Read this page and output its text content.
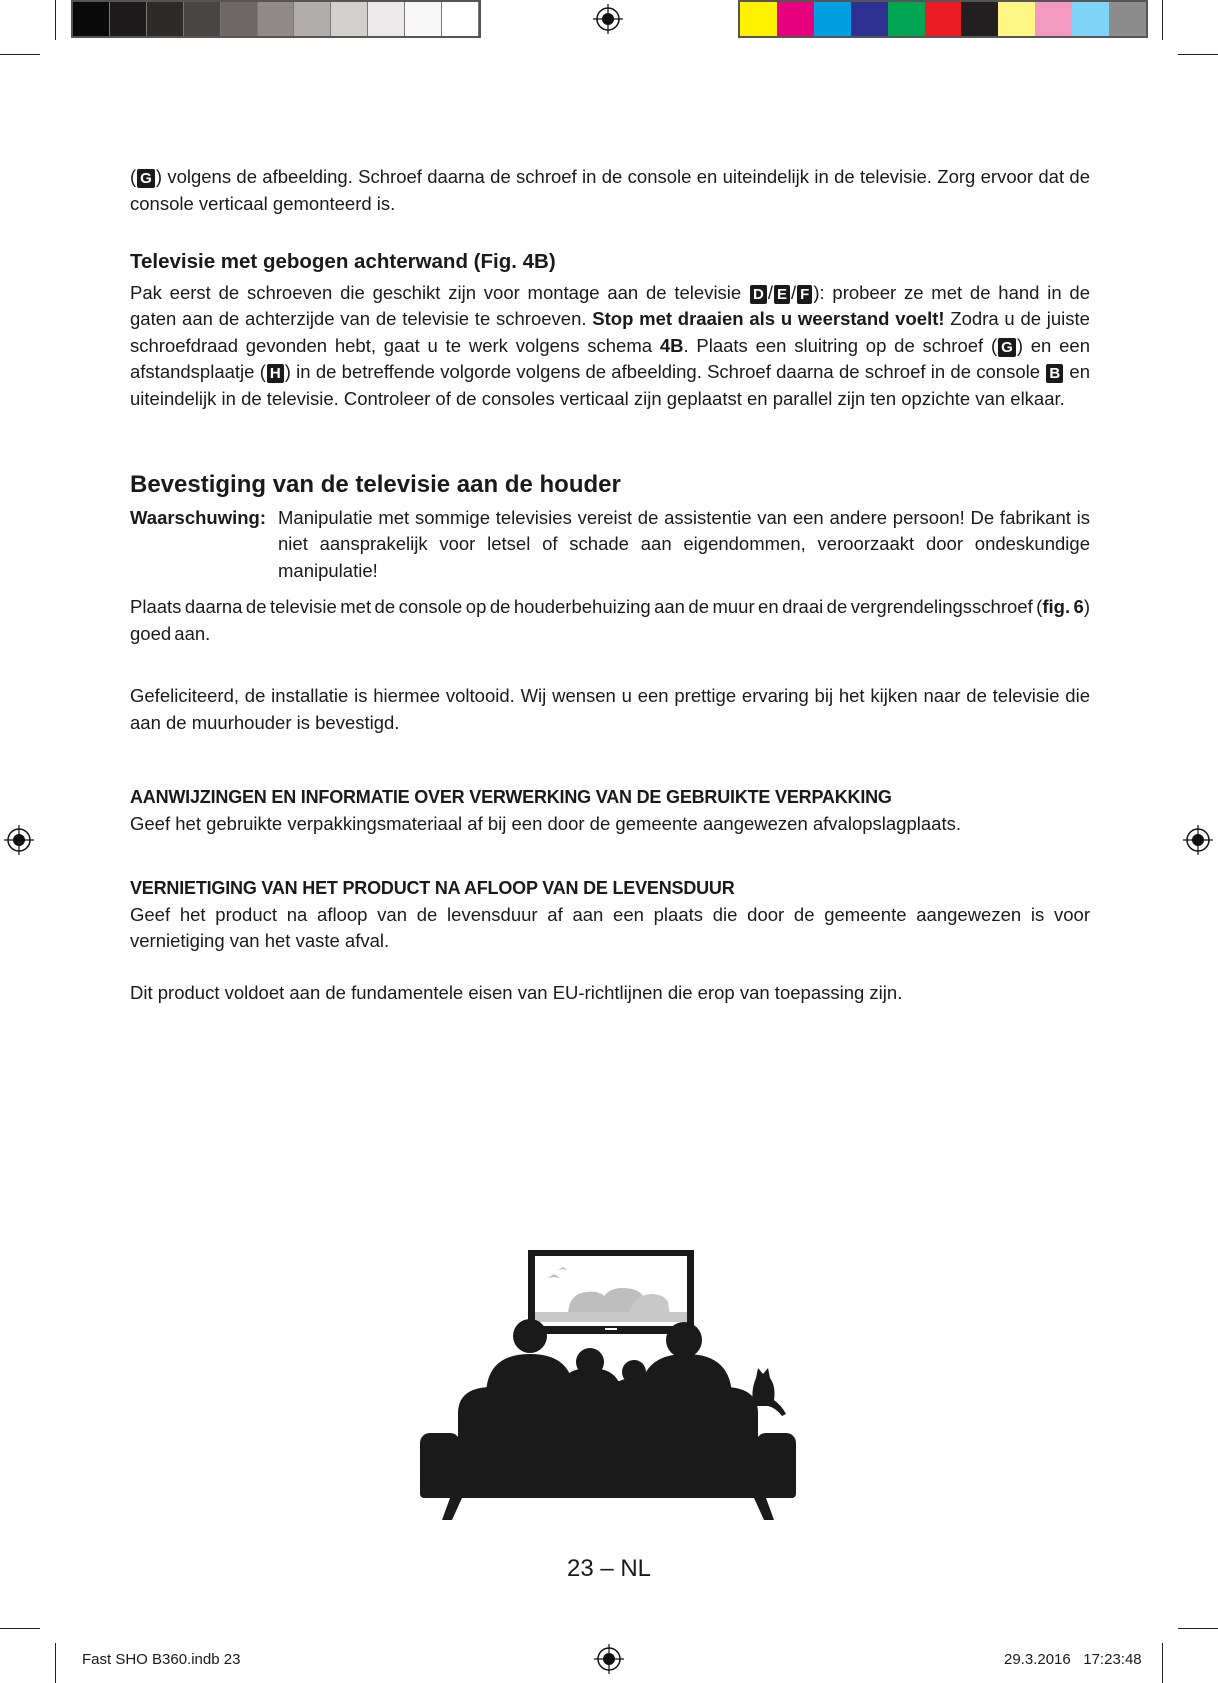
( G ) volgens de afbeelding. Schroef daarna de schroef in de console en uiteindelijk in de televisie. Zorg ervoor dat de console verticaal gemonteerd is.

Televisie met gebogen achterwand (Fig. 4B)

Pak eerst de schroeven die geschikt zijn voor montage aan de televisie D / E / F ): probeer ze met de hand in de gaten aan de achterzijde van de televisie te schroeven. Stop met draaien als u weerstand voelt! Zodra u de juiste schroefdraad gevonden hebt, gaat u te werk volgens schema 4B. Plaats een sluitring op de schroef ( G ) en een afstandsplaatje ( H ) in de betreffende volgorde volgens de afbeelding. Schroef daarna de schroef in de console B en uiteindelijk in de televisie. Controleer of de consoles verticaal zijn geplaatst en parallel zijn ten opzichte van elkaar.

Bevestiging van de televisie aan de houder
Waarschuwing: Manipulatie met sommige televisies vereist de assistentie van een andere persoon! De fabrikant is niet aansprakelijk voor letsel of schade aan eigendommen, veroorzaakt door ondeskundige manipulatie!

Plaats daarna de televisie met de console op de houderbehuizing aan de muur en draai de vergrendelingsschroef (fig. 6) goed aan.

Gefeliciteerd, de installatie is hiermee voltooid. Wij wensen u een prettige ervaring bij het kijken naar de televisie die aan de muurhouder is bevestigd.

AANWIJZINGEN EN INFORMATIE OVER VERWERKING VAN DE GEBRUIKTE VERPAKKING

Geef het gebruikte verpakkingsmateriaal af bij een door de gemeente aangewezen afvalopslagplaats.

VERNIETIGING VAN HET PRODUCT NA AFLOOP VAN DE LEVENSDUUR

Geef het product na afloop van de levensduur af aan een plaats die door de gemeente aangewezen is voor vernietiging van het vaste afval.

Dit product voldoet aan de fundamentele eisen van EU-richtlijnen die erop van toepassing zijn.

23 – NL
Fast SHO B360.indb 23	29.3.2016 17:23:48
